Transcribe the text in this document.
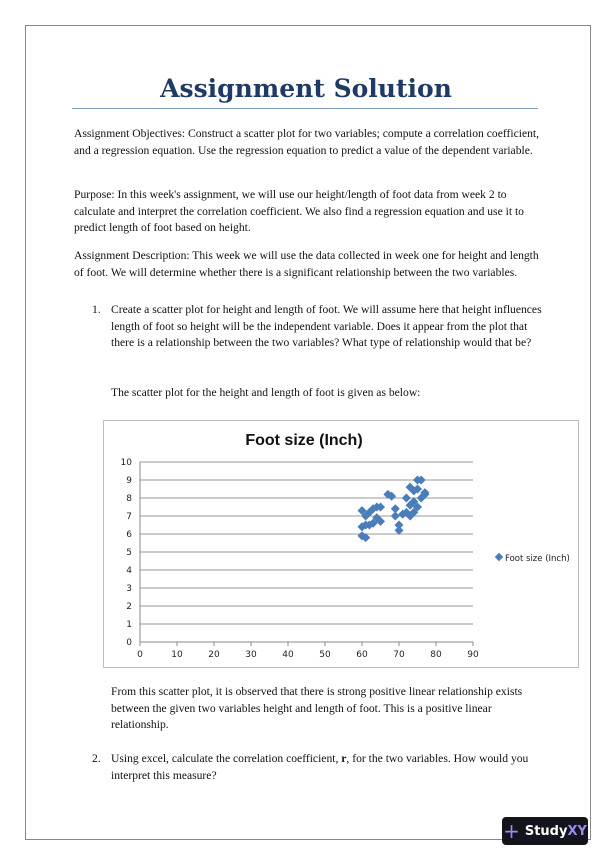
Assignment Solution
Assignment Objectives: Construct a scatter plot for two variables; compute a correlation coefficient, and a regression equation. Use the regression equation to predict a value of the dependent variable.
Purpose: In this week's assignment, we will use our height/length of foot data from week 2 to calculate and interpret the correlation coefficient. We also find a regression equation and use it to predict length of foot based on height.
Assignment Description: This week we will use the data collected in week one for height and length of foot. We will determine whether there is a significant relationship between the two variables.
1. Create a scatter plot for height and length of foot. We will assume here that height influences length of foot so height will be the independent variable. Does it appear from the plot that there is a relationship between the two variables? What type of relationship would that be?
The scatter plot for the height and length of foot is given as below:
Foot size (Inch)
0
1
2
3
4
5
6
7
8
9
10
0	10	20	30	40	50	60	70	80	90
Foot size (Inch)
From this scatter plot, it is observed that there is strong positive linear relationship exists between the given two variables height and length of foot. This is a positive linear relationship.
2. Using excel, calculate the correlation coefficient, r, for the two variables. How would you interpret this measure?
+ StudyXY
